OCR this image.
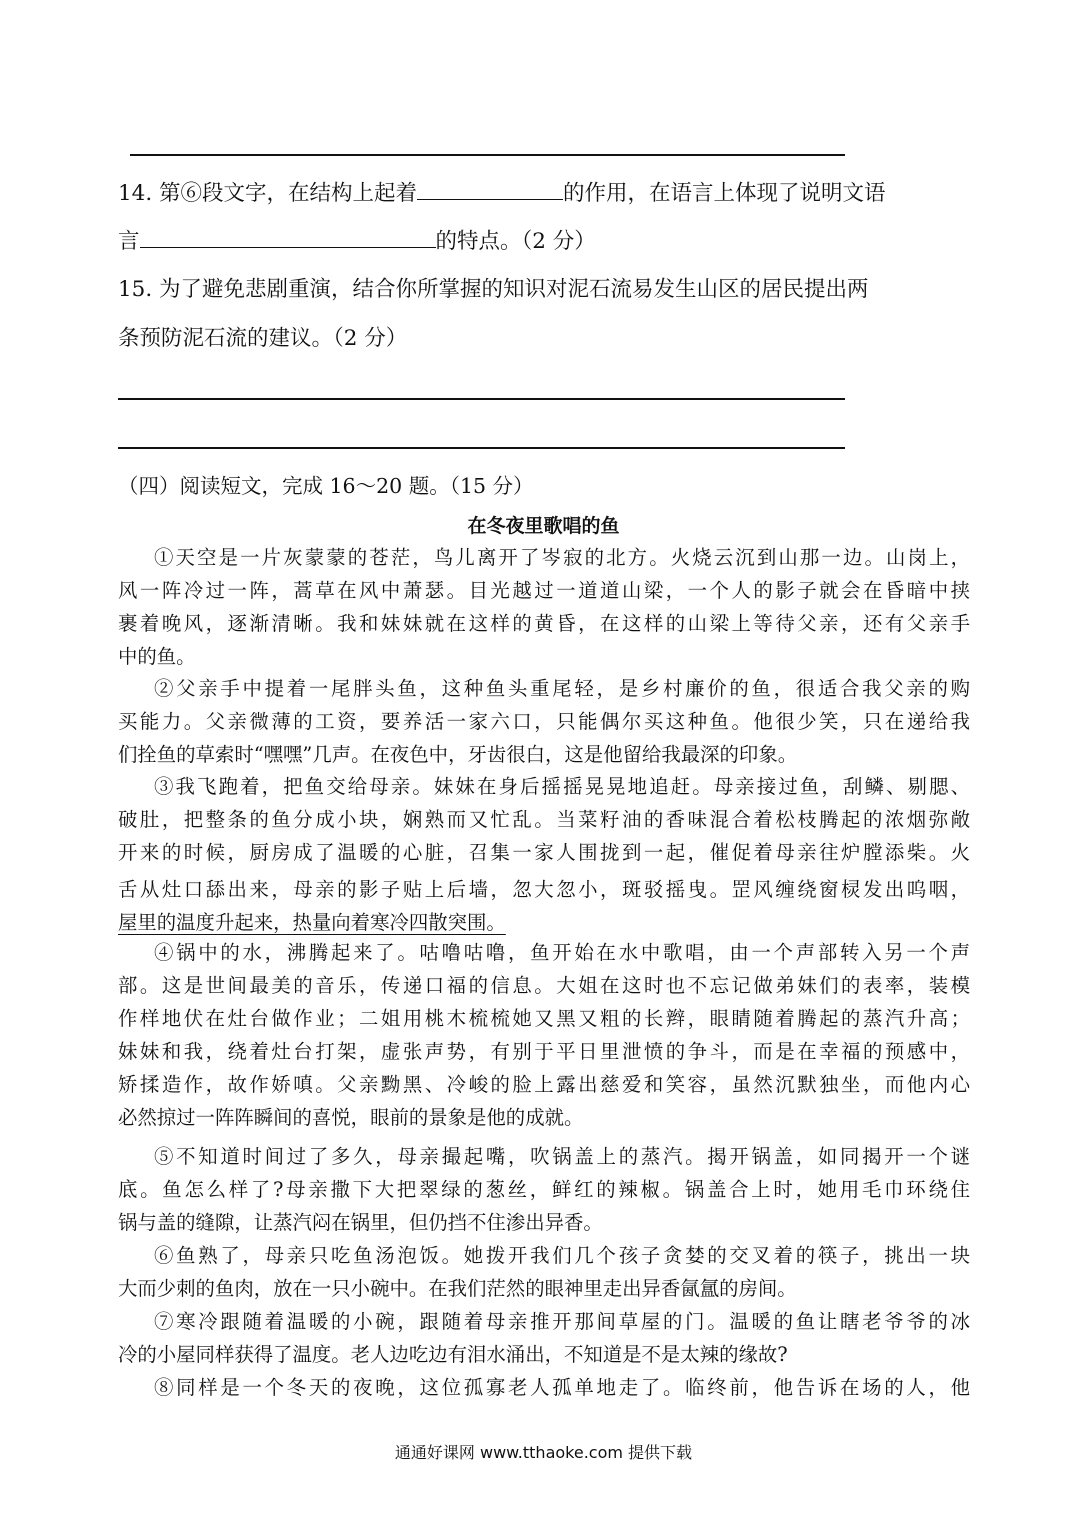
14. 第⑥段文字，在结构上起着	的作用，在语言上体现了说明文语
言	的特点。（2 分）
15. 为了避免悲剧重演，结合你所掌握的知识对泥石流易发生山区的居民提出两
条预防泥石流的建议。（2 分）
（四）阅读短文，完成 16～20 题。（15 分）
在冬夜里歌唱的鱼
①天空是一片灰蒙蒙的苍茫，鸟儿离开了岑寂的北方。火烧云沉到山那一边。山岗上，
风一阵冷过一阵，蒿草在风中萧瑟。目光越过一道道山梁，一个人的影子就会在昏暗中挟
裹着晚风，逐渐清晰。我和妹妹就在这样的黄昏，在这样的山梁上等待父亲，还有父亲手
中的鱼。
②父亲手中提着一尾胖头鱼，这种鱼头重尾轻，是乡村廉价的鱼，很适合我父亲的购
买能力。父亲微薄的工资，要养活一家六口，只能偶尔买这种鱼。他很少笑，只在递给我
们拴鱼的草索时“嘿嘿”几声。在夜色中，牙齿很白，这是他留给我最深的印象。
③我飞跑着，把鱼交给母亲。妹妹在身后摇摇晃晃地追赶。母亲接过鱼，刮鳞、剔腮、
破肚，把整条的鱼分成小块，娴熟而又忙乱。当菜籽油的香味混合着松枝腾起的浓烟弥敞
开来的时候，厨房成了温暖的心脏，召集一家人围拢到一起，催促着母亲往炉膛添柴。火
舌从灶口舔出来，母亲的影子贴上后墙，忽大忽小，斑驳摇曳。罡风缠绕窗棂发出呜咽，
屋里的温度升起来，热量向着寒冷四散突围。
④锅中的水，沸腾起来了。咕噜咕噜，鱼开始在水中歌唱，由一个声部转入另一个声
部。这是世间最美的音乐，传递口福的信息。大姐在这时也不忘记做弟妹们的表率，装模
作样地伏在灶台做作业；二姐用桃木梳梳她又黑又粗的长辫，眼睛随着腾起的蒸汽升高；
妹妹和我，绕着灶台打架，虚张声势，有别于平日里泄愤的争斗，而是在幸福的预感中，
矫揉造作，故作娇嗔。父亲黝黑、冷峻的脸上露出慈爱和笑容，虽然沉默独坐，而他内心
必然掠过一阵阵瞬间的喜悦，眼前的景象是他的成就。
⑤不知道时间过了多久，母亲撮起嘴，吹锅盖上的蒸汽。揭开锅盖，如同揭开一个谜
底。鱼怎么样了?母亲撒下大把翠绿的葱丝，鲜红的辣椒。锅盖合上时，她用毛巾环绕住
锅与盖的缝隙，让蒸汽闷在锅里，但仍挡不住渗出异香。
⑥鱼熟了，母亲只吃鱼汤泡饭。她拨开我们几个孩子贪婪的交叉着的筷子，挑出一块
大而少刺的鱼肉，放在一只小碗中。在我们茫然的眼神里走出异香氤氲的房间。
⑦寒冷跟随着温暖的小碗，跟随着母亲推开那间草屋的门。温暖的鱼让瞎老爷爷的冰
冷的小屋同样获得了温度。老人边吃边有泪水涌出，不知道是不是太辣的缘故?
⑧同样是一个冬天的夜晚，这位孤寡老人孤单地走了。临终前，他告诉在场的人，他
通通好课网 www.tthaoke.com 提供下载
